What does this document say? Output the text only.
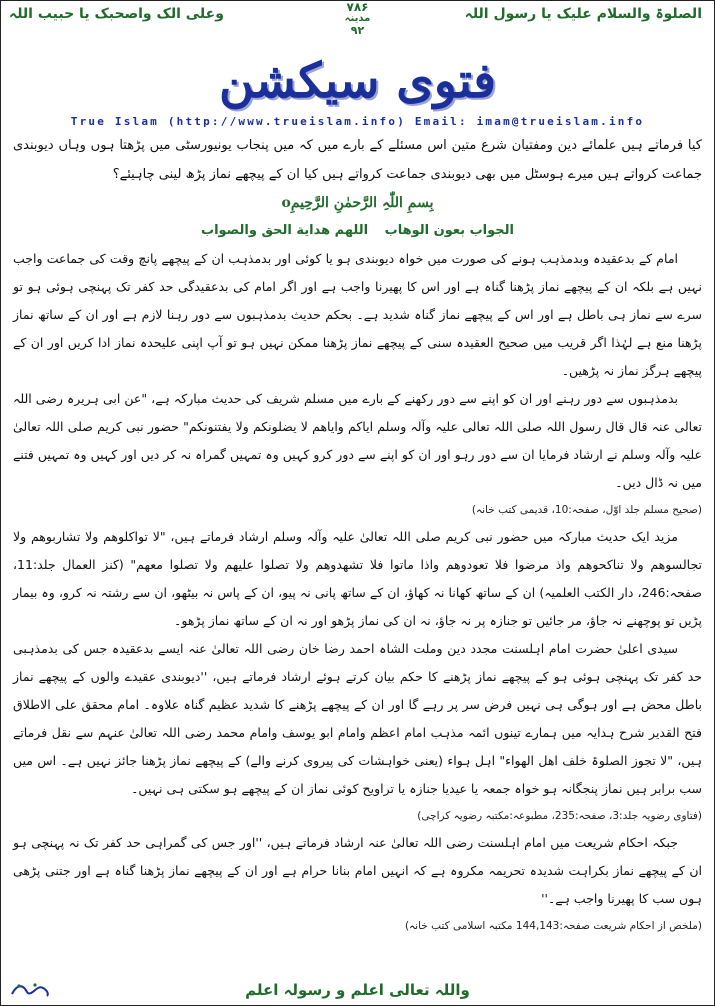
الصلوۃ والسلام علیک یا رسول اللہ
۷۸۶
مدینہ
۹۲
وعلی الک واصحبک یا حبیب اللہ
فتوی سیکشن
True Islam (http://www.trueislam.info) Email: imam@trueislam.info

کیا فرماتے ہیں علمائے دین ومفتیان شرع متین اس مسئلے کے بارے میں کہ میں پنجاب یونیورسٹی میں پڑھتا ہوں وہاں دیوبندی جماعت کرواتے ہیں میرے ہوسٹل میں بھی دیوبندی جماعت کرواتے ہیں کیا ان کے پیچھے نماز پڑھ لینی چاہیئے؟

بِسمِ اللّٰہِ الرَّحمٰنِ الرَّحِیمِo

الجواب بعون الوهاب اللهم هداية الحق والصواب

امام کے بدعقیدہ وبدمذہب ہونے کی صورت میں خواہ دیوبندی ہو یا کوئی اور بدمذہب ان کے پیچھے پانچ وقت کی جماعت واجب نہیں ہے بلکہ ان کے پیچھے نماز پڑھنا گناہ ہے اور اس کا پھیرنا واجب ہے اور اگر امام کی بدعقیدگی حد کفر تک پہنچی ہوئی ہو تو سرے سے نماز ہی باطل ہے اور اس کے پیچھے نماز گناہ شدید ہے۔ بحکم حدیث بدمذہبوں سے دور رہنا لازم ہے اور ان کے ساتھ نماز پڑھنا منع ہے لہٰذا اگر قریب میں صحیح العقیدہ سنی کے پیچھے نماز پڑھنا ممکن نہیں ہو تو آپ اپنی علیحدہ نماز ادا کریں اور ان کے پیچھے ہرگز نماز نہ پڑھیں۔

بدمذہبوں سے دور رہنے اور ان کو اپنے سے دور رکھنے کے بارے میں مسلم شریف کی حدیث مبارکہ ہے، "عن ابی ہریرہ رضی اللہ تعالی عنہ قال قال رسول اللہ صلی اللہ تعالی علیہ وآلہ وسلم ایاکم وایاھم لا یضلونکم ولا یفتنونکم" حضور نبی کریم صلی اللہ تعالیٰ علیہ وآلہ وسلم نے ارشاد فرمایا ان سے دور رہو اور ان کو اپنے سے دور کرو کہیں وہ تمہیں گمراہ نہ کر دیں اور کہیں وہ تمہیں فتنے میں نہ ڈال دیں۔

(صحیح مسلم جلد اوّل، صفحہ:10، قدیمی کتب خانہ)

مزید ایک حدیث مبارکہ میں حضور نبی کریم صلی اللہ تعالیٰ علیہ وآلہ وسلم ارشاد فرماتے ہیں، "لا تواکلوھم ولا تشاربوھم ولا تجالسوھم ولا تناکحوھم واذ مرضوا فلا تعودوھم واذا ماتوا فلا تشھدوھم ولا تصلوا علیھم ولا تصلوا معھم" (کنز العمال جلد:11، صفحہ:246، دار الکتب العلمیہ) ان کے ساتھ کھانا نہ کھاؤ، ان کے ساتھ پانی نہ پیو، ان کے پاس نہ بیٹھو، ان سے رشتہ نہ کرو، وہ بیمار پڑیں تو پوچھنے نہ جاؤ، مر جائیں تو جنازہ پر نہ جاؤ، نہ ان کی نماز پڑھو اور نہ ان کے ساتھ نماز پڑھو۔

سیدی اعلیٰ حضرت امام اہلسنت مجدد دین وملت الشاہ احمد رضا خان رضی اللہ تعالیٰ عنہ ایسے بدعقیدہ جس کی بدمذہبی حد کفر تک پہنچی ہوئی ہو کے پیچھے نماز پڑھنے کا حکم بیان کرتے ہوئے ارشاد فرماتے ہیں، ''دیوبندی عقیدے والوں کے پیچھے نماز باطل محض ہے اور ہوگی ہی نہیں فرض سر پر رہے گا اور ان کے پیچھے پڑھنے کا شدید عظیم گناہ علاوہ۔ امام محقق علی الاطلاق فتح القدیر شرح ہدایہ میں ہمارے تینوں ائمہ مذہب امام اعظم وامام ابو یوسف وامام محمد رضی اللہ تعالیٰ عنہم سے نقل فرماتے ہیں، "لا تجوز الصلوۃ خلف اھل الھواء" اہل ہواء (یعنی خواہشات کی پیروی کرنے والے) کے پیچھے نماز پڑھنا جائز نہیں ہے۔ اس میں سب برابر ہیں نماز پنجگانہ ہو خواہ جمعہ یا عیدیا جنازہ یا تراویح کوئی نماز ان کے پیچھے ہو سکتی ہی نہیں۔

(فتاوی رضویہ جلد:3، صفحہ:235، مطبوعہ:مکتبہ رضویہ کراچی)

جبکہ احکام شریعت میں امام اہلسنت رضی اللہ تعالیٰ عنہ ارشاد فرماتے ہیں، ''اور جس کی گمراہی حد کفر تک نہ پہنچی ہو ان کے پیچھے نماز بکراہت شدیدہ تحریمہ مکروہ ہے کہ انہیں امام بنانا حرام ہے اور ان کے پیچھے نماز پڑھنا گناہ ہے اور جتنی پڑھی ہوں سب کا پھیرنا واجب ہے۔''

(ملخص از احکام شریعت صفحہ:144,143 مکتبہ اسلامی کتب خانہ)

واللہ تعالی اعلم و رسولہ اعلم
